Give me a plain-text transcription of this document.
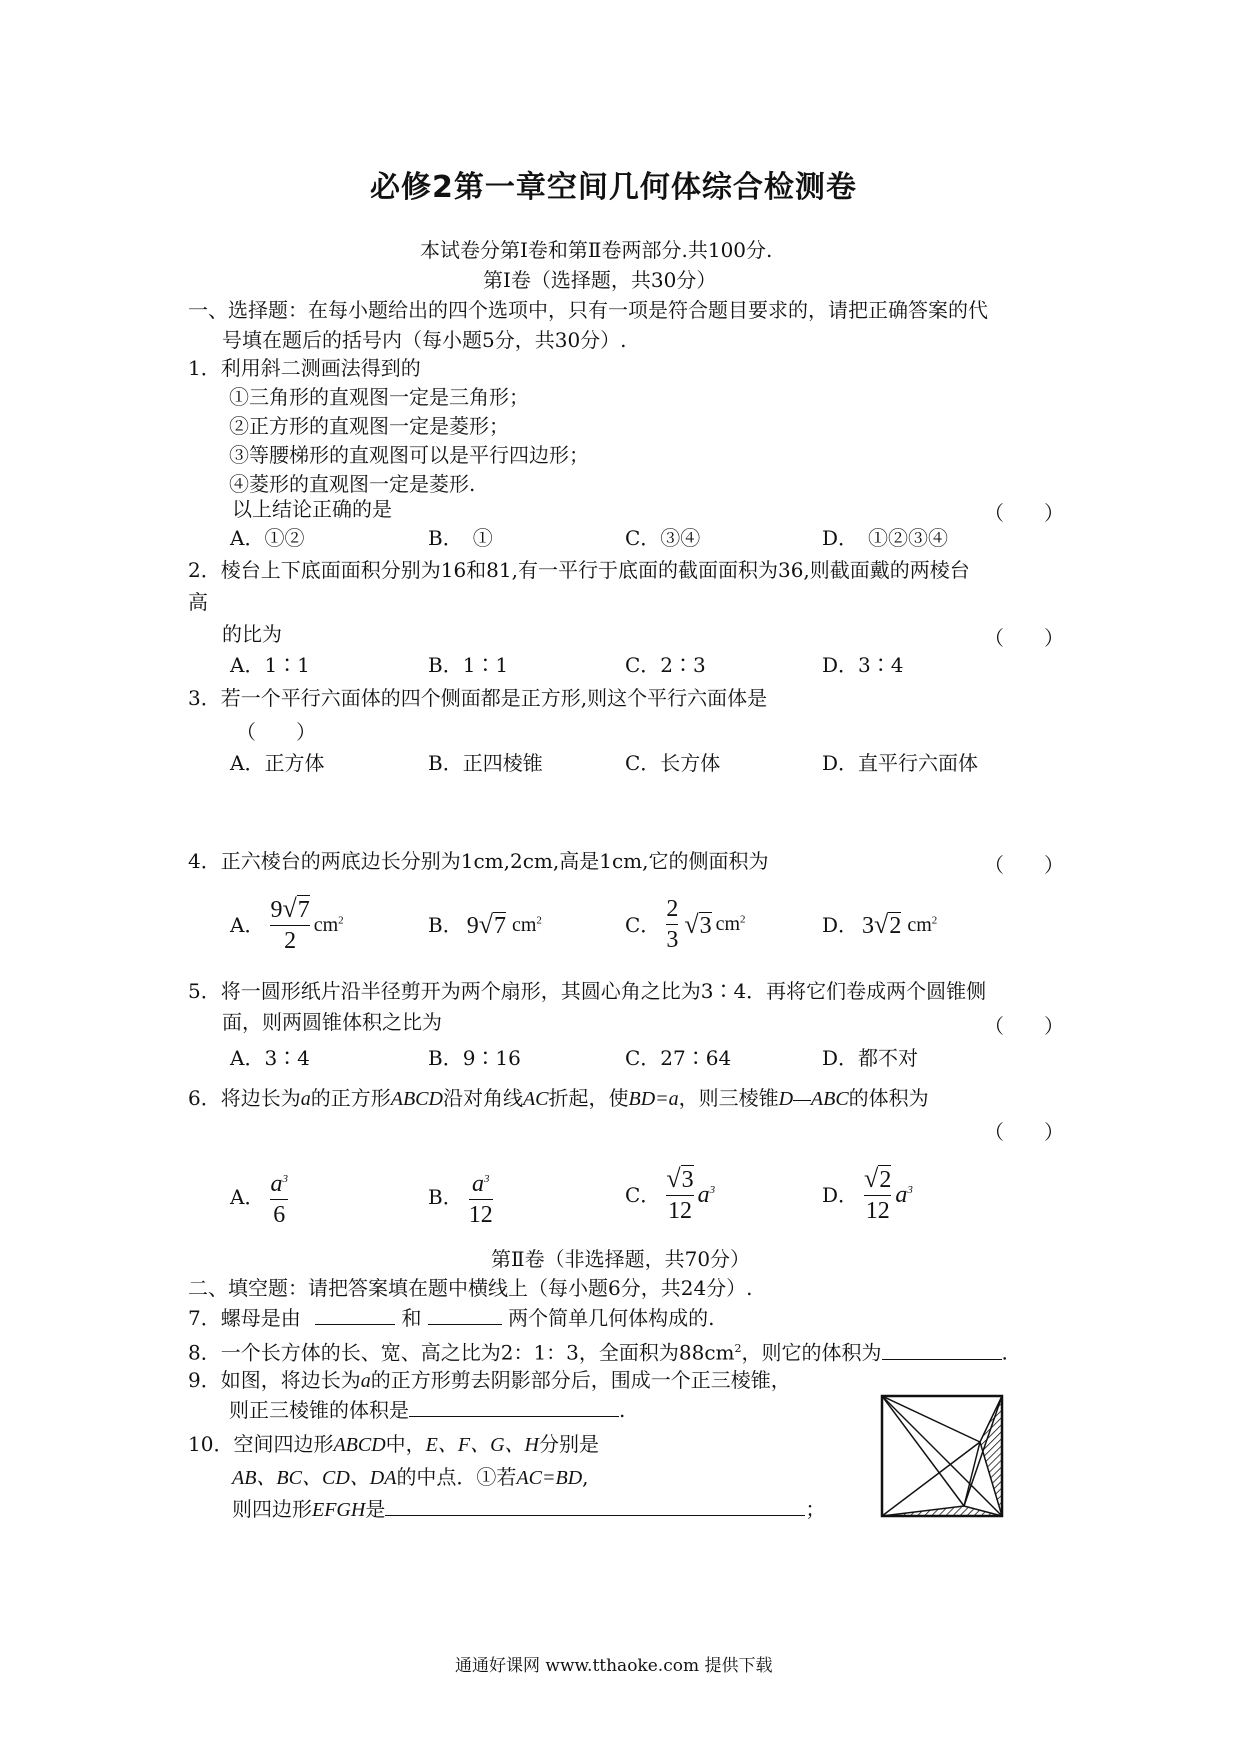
必修2第一章空间几何体综合检测卷
本试卷分第Ⅰ卷和第Ⅱ卷两部分.共100分.
第Ⅰ卷（选择题，共30分）
一、选择题：在每小题给出的四个选项中，只有一项是符合题目要求的，请把正确答案的代
号填在题后的括号内（每小题5分，共30分）.
1．利用斜二测画法得到的
①三角形的直观图一定是三角形；
②正方形的直观图一定是菱形；
③等腰梯形的直观图可以是平行四边形；
④菱形的直观图一定是菱形.
以上结论正确的是	（　　）
A．①②	B．　①	C．③④	D．　①②③④
2．棱台上下底面面积分别为16和81,有一平行于底面的截面面积为36,则截面戴的两棱台
高
的比为	（　　）
A．1∶1	B．1∶1	C．2∶3	D．3∶4
3．若一个平行六面体的四个侧面都是正方形,则这个平行六面体是
（　　）
A．正方体	B．正四棱锥	C．长方体	D．直平行六面体
4．正六棱台的两底边长分别为1cm,2cm,高是1cm,它的侧面积为	（　　）
A． $\frac{9√7}{2} cm^2$	B． 9√7 $cm^2$	C． $\frac{2}{3} √3$ $cm^2$	D． 3√2 $cm^2$
5．将一圆形纸片沿半径剪开为两个扇形，其圆心角之比为3∶4．再将它们卷成两个圆锥侧
面，则两圆锥体积之比为	（　　）
A．3∶4	B．9∶16	C．27∶64	D．都不对
6．将边长为a的正方形ABCD沿对角线AC折起，使BD=a，则三棱锥D—ABC的体积为
（　　）
A． $\frac{a^3}{6}$	B． $\frac{a^3}{12}$	C． $\frac{√3}{12} a^3$	D． $\frac{√2}{12} a^3$
第Ⅱ卷（非选择题，共70分）
二、填空题：请把答案填在题中横线上（每小题6分，共24分）.
7．螺母是由	和	两个简单几何体构成的.
8．一个长方体的长、宽、高之比为2：1：3，全面积为$88cm^2$，则它的体积为	.
9．如图，将边长为a的正方形剪去阴影部分后，围成一个正三棱锥，
则正三棱锥的体积是	.
10．空间四边形ABCD中，E、F、G、H分别是
AB、BC、CD、DA的中点．①若AC=BD,
则四边形EFGH是	；
通通好课网 www.tthaoke.com 提供下载
